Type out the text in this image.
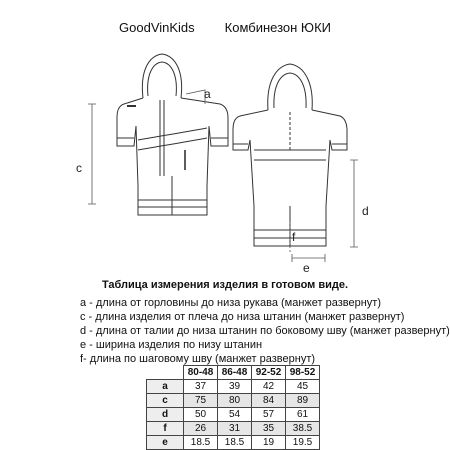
GoodVinKids Комбинезон ЮКИ
c
a
d
f
e
Таблица измерения изделия в готовом виде.
a - длина от горловины до низа рукава (манжет развернут)
c - длина изделия от плеча до низа штанин (манжет развернут)
d - длина от талии до низа штанин по боковому шву (манжет развернут)
e - ширина изделия по низу штанин
f- длина по шаговому шву (манжет развернут)
	80-48	86-48	92-52	98-52
a	37	39	42	45
c	75	80	84	89
d	50	54	57	61
f	26	31	35	38.5
e	18.5	18.5	19	19.5
